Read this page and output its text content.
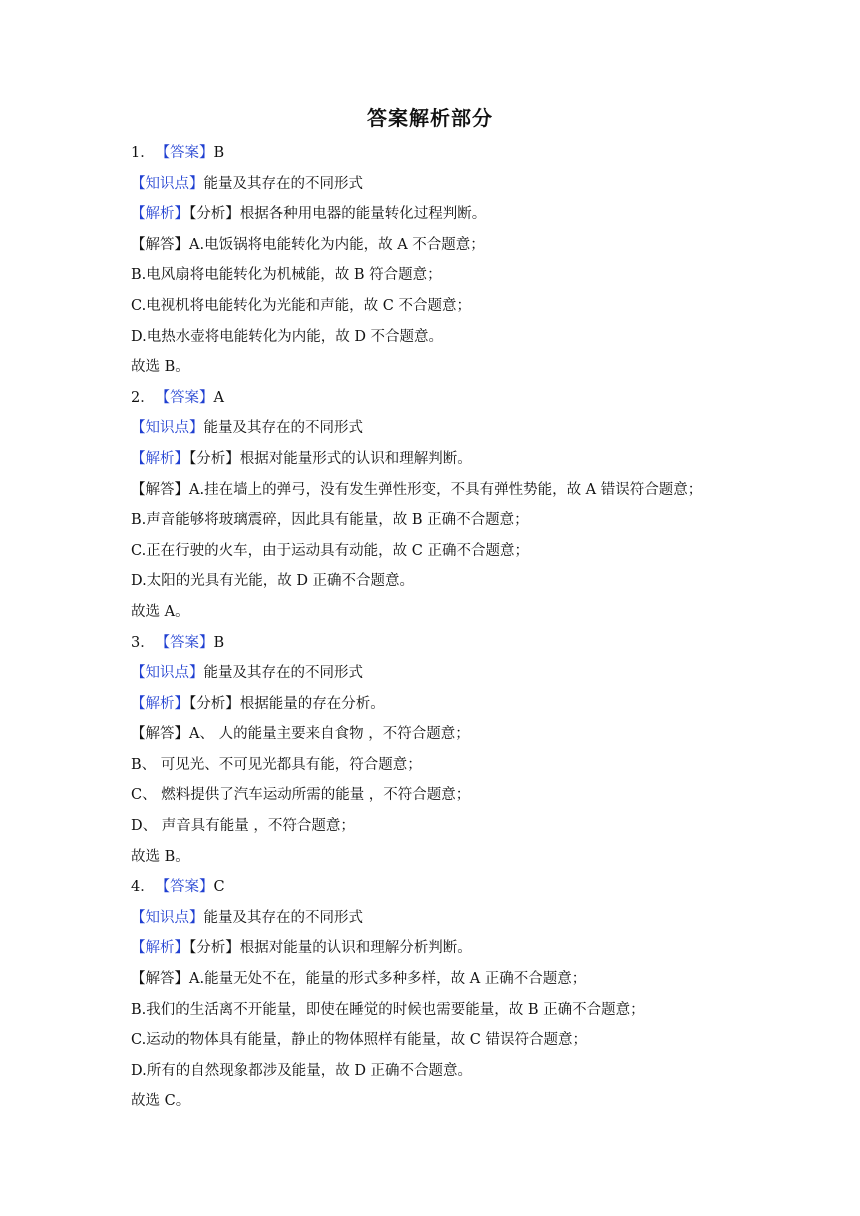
答案解析部分
1． 【答案】B
【知识点】能量及其存在的不同形式
【解析】【分析】根据各种用电器的能量转化过程判断。
【解答】A.电饭锅将电能转化为内能，故 A 不合题意；
B.电风扇将电能转化为机械能，故 B 符合题意；
C.电视机将电能转化为光能和声能，故 C 不合题意；
D.电热水壶将电能转化为内能，故 D 不合题意。
故选 B。
2． 【答案】A
【知识点】能量及其存在的不同形式
【解析】【分析】根据对能量形式的认识和理解判断。
【解答】A.挂在墙上的弹弓，没有发生弹性形变，不具有弹性势能，故 A 错误符合题意；
B.声音能够将玻璃震碎，因此具有能量，故 B 正确不合题意；
C.正在行驶的火车，由于运动具有动能，故 C 正确不合题意；
D.太阳的光具有光能，故 D 正确不合题意。
故选 A。
3． 【答案】B
【知识点】能量及其存在的不同形式
【解析】【分析】根据能量的存在分析。
【解答】A、 人的能量主要来自食物 ，不符合题意；
B、 可见光、不可见光都具有能，符合题意；
C、 燃料提供了汽车运动所需的能量 ，不符合题意；
D、 声音具有能量 ，不符合题意；
故选 B。
4． 【答案】C
【知识点】能量及其存在的不同形式
【解析】【分析】根据对能量的认识和理解分析判断。
【解答】A.能量无处不在，能量的形式多种多样，故 A 正确不合题意；
B.我们的生活离不开能量，即使在睡觉的时候也需要能量，故 B 正确不合题意；
C.运动的物体具有能量，静止的物体照样有能量，故 C 错误符合题意；
D.所有的自然现象都涉及能量，故 D 正确不合题意。
故选 C。
